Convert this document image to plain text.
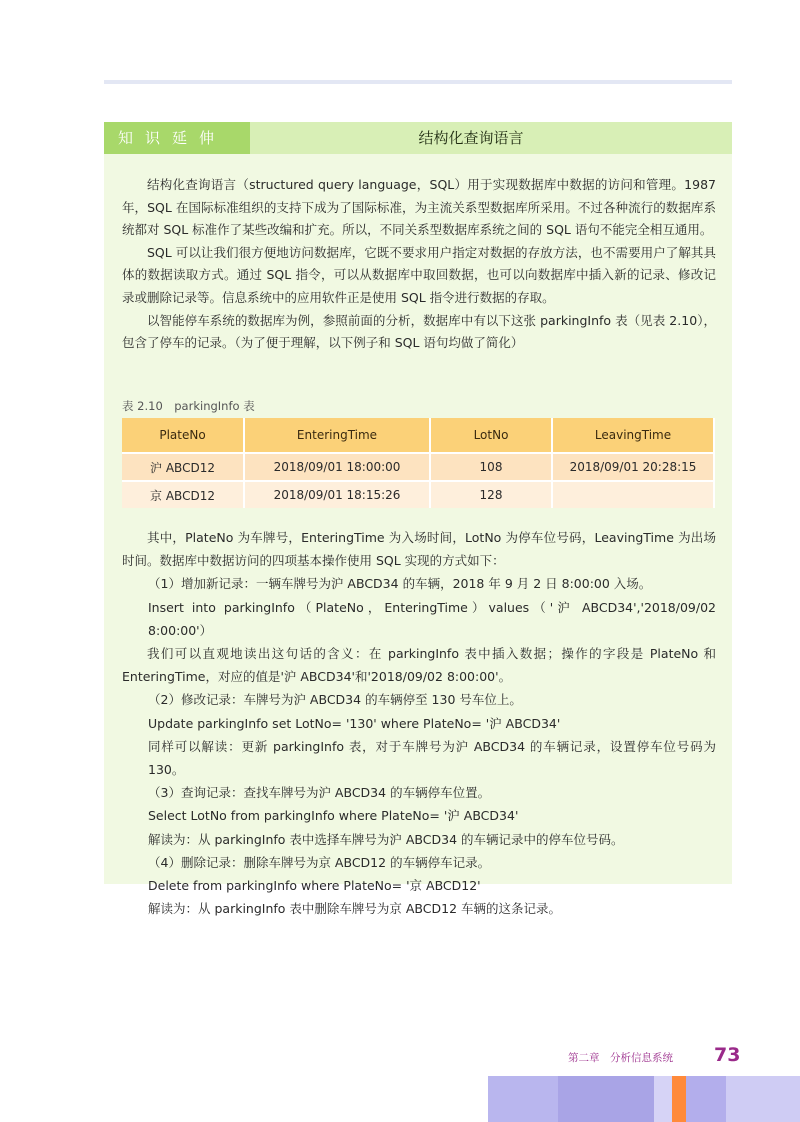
知识延伸	结构化查询语言

结构化查询语言（structured query language，SQL）用于实现数据库中数据的访问和管理。1987年，SQL 在国际标准组织的支持下成为了国际标准，为主流关系型数据库所采用。不过各种流行的数据库系统都对 SQL 标准作了某些改编和扩充。所以，不同关系型数据库系统之间的 SQL 语句不能完全相互通用。

SQL 可以让我们很方便地访问数据库，它既不要求用户指定对数据的存放方法，也不需要用户了解其具体的数据读取方式。通过 SQL 指令，可以从数据库中取回数据，也可以向数据库中插入新的记录、修改记录或删除记录等。信息系统中的应用软件正是使用 SQL 指令进行数据的存取。

以智能停车系统的数据库为例，参照前面的分析，数据库中有以下这张 parkingInfo 表（见表 2.10），包含了停车的记录。（为了便于理解，以下例子和 SQL 语句均做了简化）

表 2.10　parkingInfo 表
PlateNo	EnteringTime	LotNo	LeavingTime
沪 ABCD12	2018/09/01 18:00:00	108	2018/09/01 20:28:15
京 ABCD12	2018/09/01 18:15:26	128	

其中，PlateNo 为车牌号，EnteringTime 为入场时间，LotNo 为停车位号码，LeavingTime 为出场时间。数据库中数据访问的四项基本操作使用 SQL 实现的方式如下：

（1）增加新记录：一辆车牌号为沪 ABCD34 的车辆，2018 年 9 月 2 日 8:00:00 入场。

Insert into parkingInfo（PlateNo，EnteringTime）values（'沪 ABCD34','2018/09/02 8:00:00'）

我们可以直观地读出这句话的含义：在 parkingInfo 表中插入数据；操作的字段是 PlateNo 和 EnteringTime，对应的值是'沪 ABCD34'和'2018/09/02 8:00:00'。

（2）修改记录：车牌号为沪 ABCD34 的车辆停至 130 号车位上。

Update parkingInfo set LotNo= '130' where PlateNo= '沪 ABCD34'

同样可以解读：更新 parkingInfo 表，对于车牌号为沪 ABCD34 的车辆记录，设置停车位号码为 130。

（3）查询记录：查找车牌号为沪 ABCD34 的车辆停车位置。

Select LotNo from parkingInfo where PlateNo= '沪 ABCD34'

解读为：从 parkingInfo 表中选择车牌号为沪 ABCD34 的车辆记录中的停车位号码。

（4）删除记录：删除车牌号为京 ABCD12 的车辆停车记录。

Delete from parkingInfo where PlateNo= '京 ABCD12'

解读为：从 parkingInfo 表中删除车牌号为京 ABCD12 车辆的这条记录。

第二章　分析信息系统 73
